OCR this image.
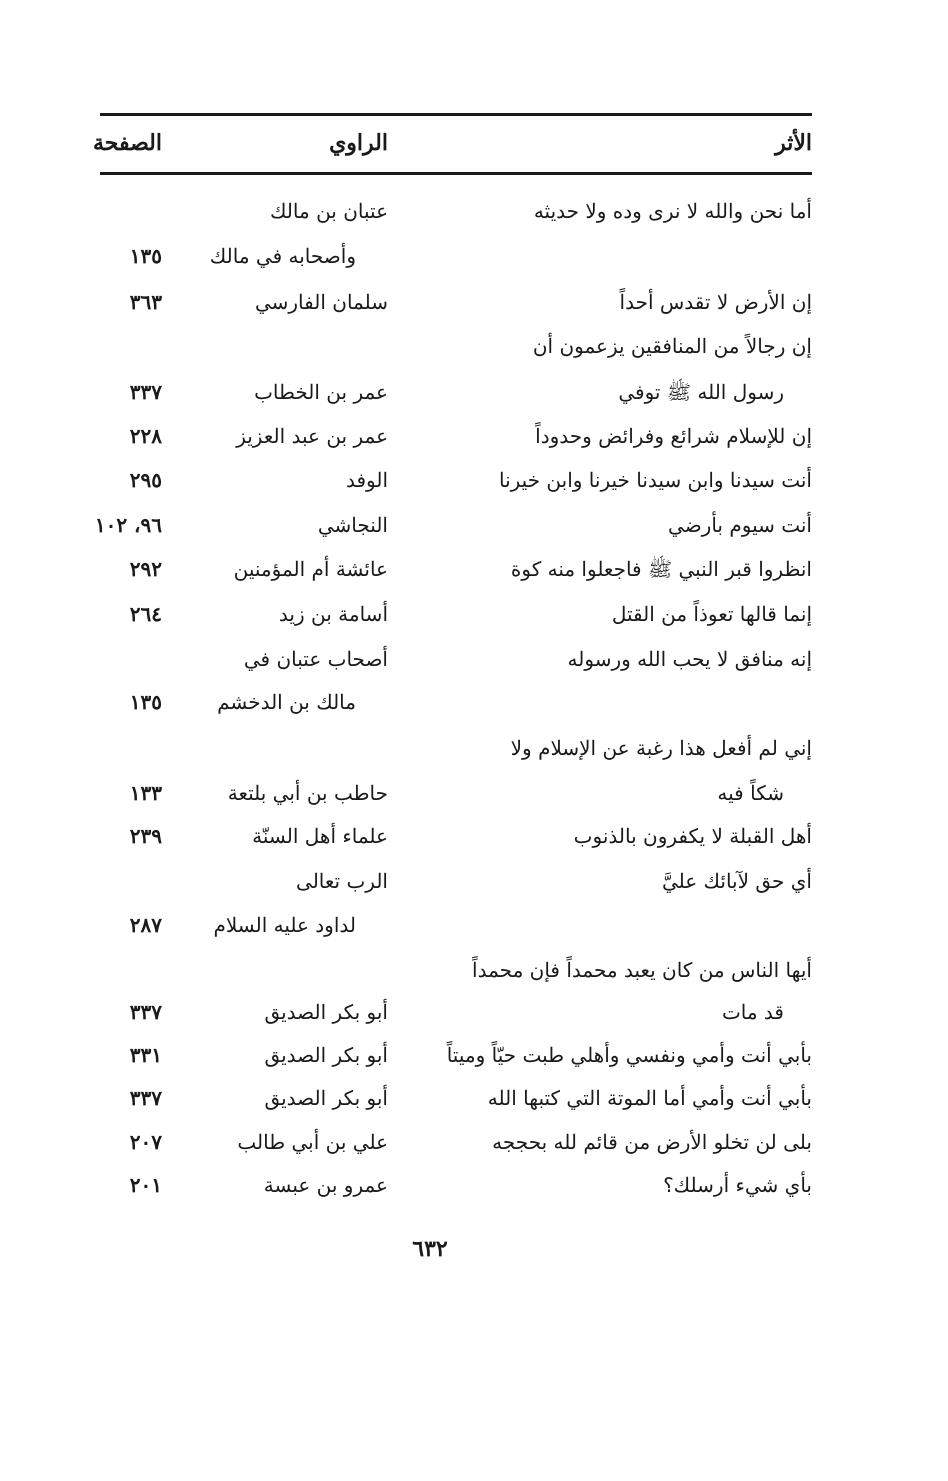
الأثر
الراوي
الصفحة
أما نحن والله لا نرى وده ولا حديثه
عتبان بن مالك
وأصحابه في مالك
١٣٥
إن الأرض لا تقدس أحداً
سلمان الفارسي
٣٦٣
إن رجالاً من المنافقين يزعمون أن
رسول الله ﷺ توفي
عمر بن الخطاب
٣٣٧
إن للإسلام شرائع وفرائض وحدوداً
عمر بن عبد العزيز
٢٢٨
أنت سيدنا وابن سيدنا خيرنا وابن خيرنا
الوفد
٢٩٥
أنت سيوم بأرضي
النجاشي
٩٦، ١٠٢
انظروا قبر النبي ﷺ فاجعلوا منه كوة
عائشة أم المؤمنين
٢٩٢
إنما قالها تعوذاً من القتل
أسامة بن زيد
٢٦٤
إنه منافق لا يحب الله ورسوله
أصحاب عتبان في
مالك بن الدخشم
١٣٥
إني لم أفعل هذا رغبة عن الإسلام ولا
شكاً فيه
حاطب بن أبي بلتعة
١٣٣
أهل القبلة لا يكفرون بالذنوب
علماء أهل السنّة
٢٣٩
أي حق لآبائك عليَّ
الرب تعالى
لداود عليه السلام
٢٨٧
أيها الناس من كان يعبد محمداً فإن محمداً
قد مات
أبو بكر الصديق
٣٣٧
بأبي أنت وأمي ونفسي وأهلي طبت حيّاً وميتاً
أبو بكر الصديق
٣٣١
بأبي أنت وأمي أما الموتة التي كتبها الله
أبو بكر الصديق
٣٣٧
بلى لن تخلو الأرض من قائم لله بحججه
علي بن أبي طالب
٢٠٧
بأي شيء أرسلك؟
عمرو بن عبسة
٢٠١
٦٣٢
